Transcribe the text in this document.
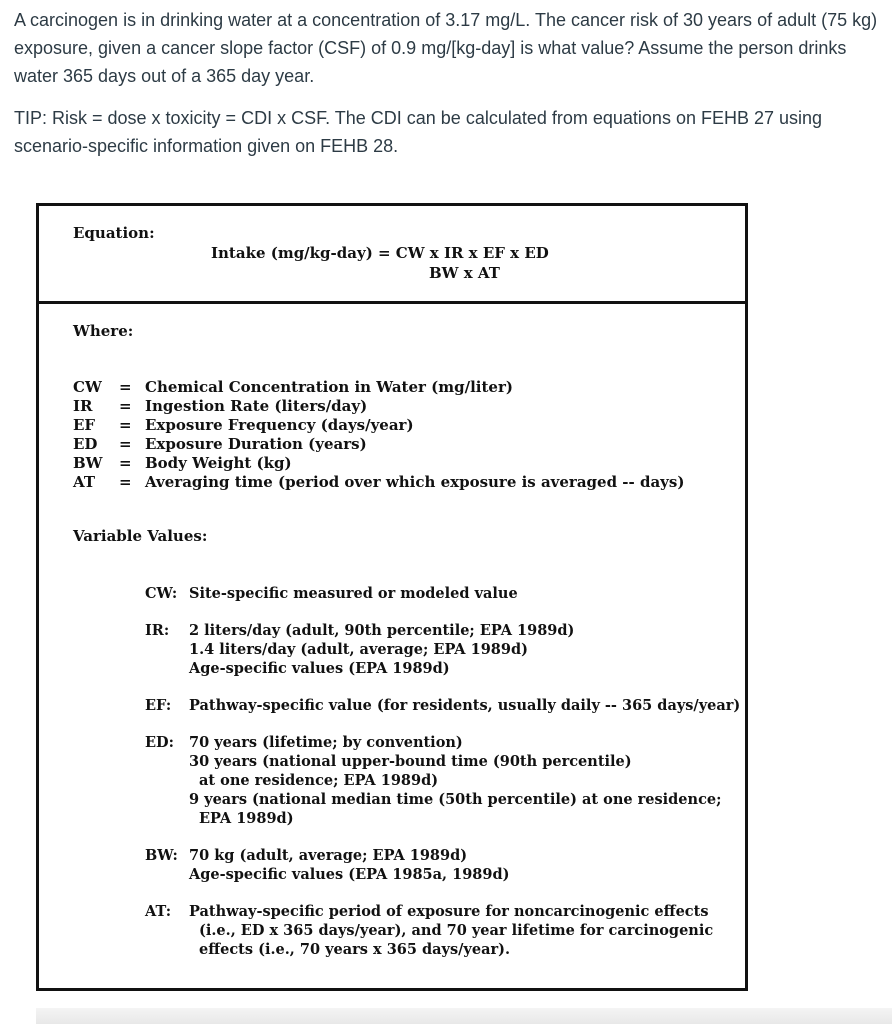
A carcinogen is in drinking water at a concentration of 3.17 mg/L. The cancer risk of 30 years of adult (75 kg) exposure, given a cancer slope factor (CSF) of 0.9 mg/[kg-day] is what value? Assume the person drinks water 365 days out of a 365 day year.

TIP: Risk = dose x toxicity = CDI x CSF. The CDI can be calculated from equations on FEHB 27 using scenario-specific information given on FEHB 28.

Equation:
Intake (mg/kg-day) = CW x IR x EF x ED
BW x AT
Where:
CW	= Chemical Concentration in Water (mg/liter)
IR	= Ingestion Rate (liters/day)
EF	= Exposure Frequency (days/year)
ED	= Exposure Duration (years)
BW	= Body Weight (kg)
AT	= Averaging time (period over which exposure is averaged -- days)
Variable Values:
CW: Site-specific measured or modeled value
IR:	2 liters/day (adult, 90th percentile; EPA 1989d)
1.4 liters/day (adult, average; EPA 1989d)
Age-specific values (EPA 1989d)
EF:	Pathway-specific value (for residents, usually daily -- 365 days/year)
ED:	70 years (lifetime; by convention)
30 years (national upper-bound time (90th percentile)
at one residence; EPA 1989d)
9 years (national median time (50th percentile) at one residence;
EPA 1989d)
BW: 70 kg (adult, average; EPA 1989d)
Age-specific values (EPA 1985a, 1989d)
AT:	Pathway-specific period of exposure for noncarcinogenic effects
(i.e., ED x 365 days/year), and 70 year lifetime for carcinogenic
effects (i.e., 70 years x 365 days/year).
